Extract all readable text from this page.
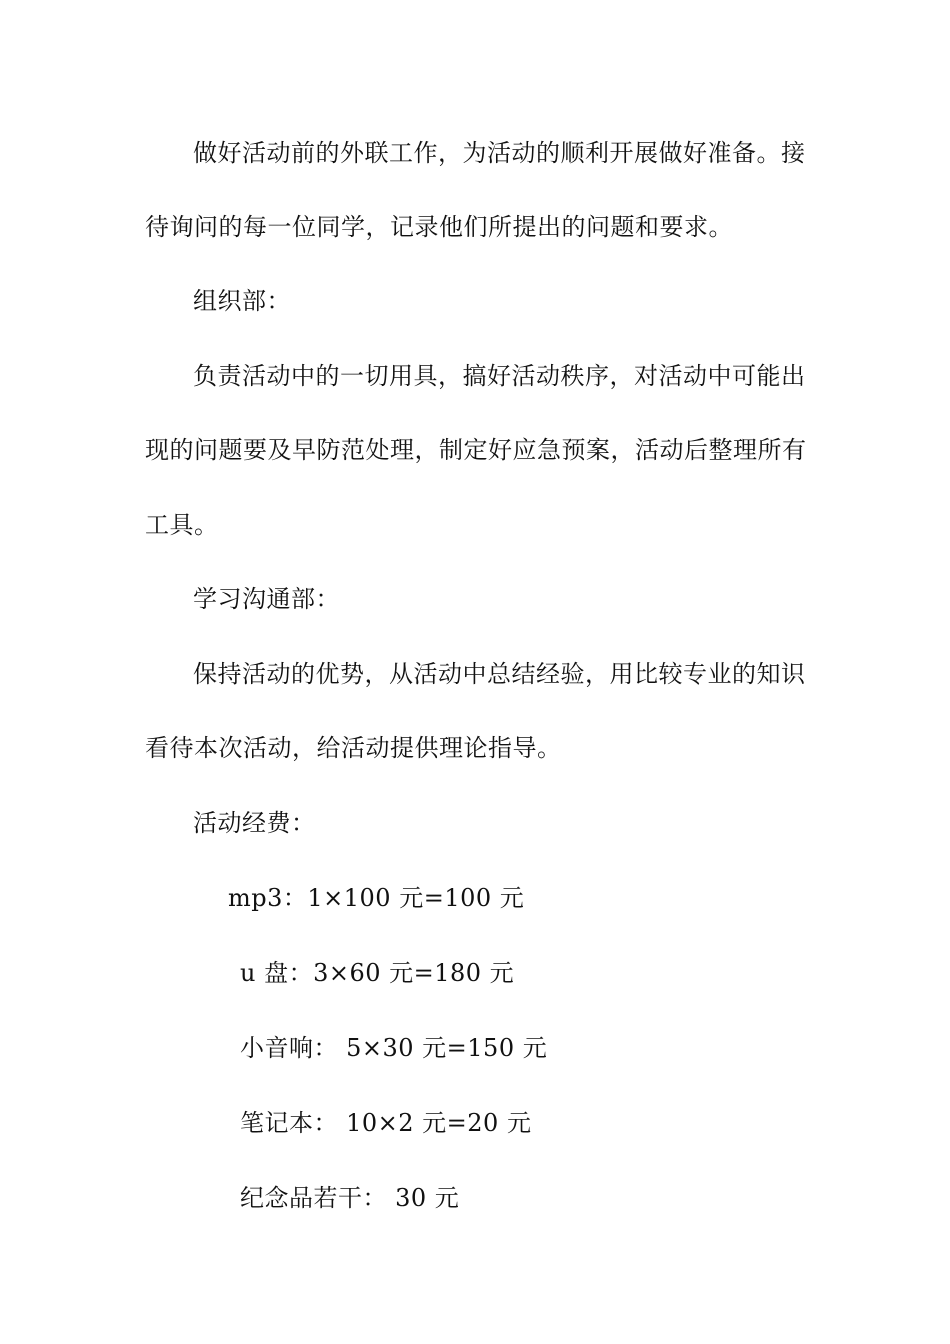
做好活动前的外联工作，为活动的顺利开展做好准备。接
待询问的每一位同学，记录他们所提出的问题和要求。
组织部：
负责活动中的一切用具，搞好活动秩序，对活动中可能出
现的问题要及早防范处理，制定好应急预案，活动后整理所有
工具。
学习沟通部：
保持活动的优势，从活动中总结经验，用比较专业的知识
看待本次活动，给活动提供理论指导。
活动经费：
mp3：1×100 元=100 元
u 盘：3×60 元=180 元
小音响： 5×30 元=150 元
笔记本： 10×2 元=20 元
纪念品若干： 30 元
